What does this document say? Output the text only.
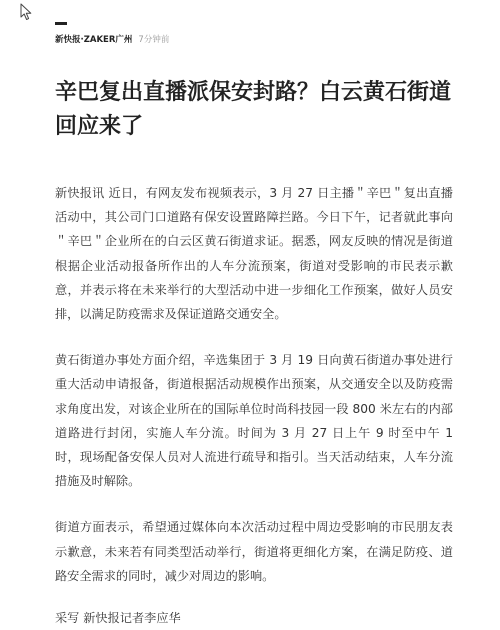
新快报·ZAKER广州 7分钟前
辛巴复出直播派保安封路？白云黄石街道回应来了

新快报讯 近日，有网友发布视频表示，3 月 27 日主播＂辛巴＂复出直播活动中，其公司门口道路有保安设置路障拦路。今日下午，记者就此事向＂辛巴＂企业所在的白云区黄石街道求证。据悉，网友反映的情况是街道根据企业活动报备所作出的人车分流预案，街道对受影响的市民表示歉意，并表示将在未来举行的大型活动中进一步细化工作预案，做好人员安排，以满足防疫需求及保证道路交通安全。

黄石街道办事处方面介绍，辛选集团于 3 月 19 日向黄石街道办事处进行重大活动申请报备，街道根据活动规模作出预案，从交通安全以及防疫需求角度出发，对该企业所在的国际单位时尚科技园一段 800 米左右的内部道路进行封闭，实施人车分流。时间为 3 月 27 日上午 9 时至中午 1 时，现场配备安保人员对人流进行疏导和指引。当天活动结束，人车分流措施及时解除。

街道方面表示，希望通过媒体向本次活动过程中周边受影响的市民朋友表示歉意，未来若有同类型活动举行，街道将更细化方案，在满足防疫、道路安全需求的同时，减少对周边的影响。

采写 新快报记者李应华
